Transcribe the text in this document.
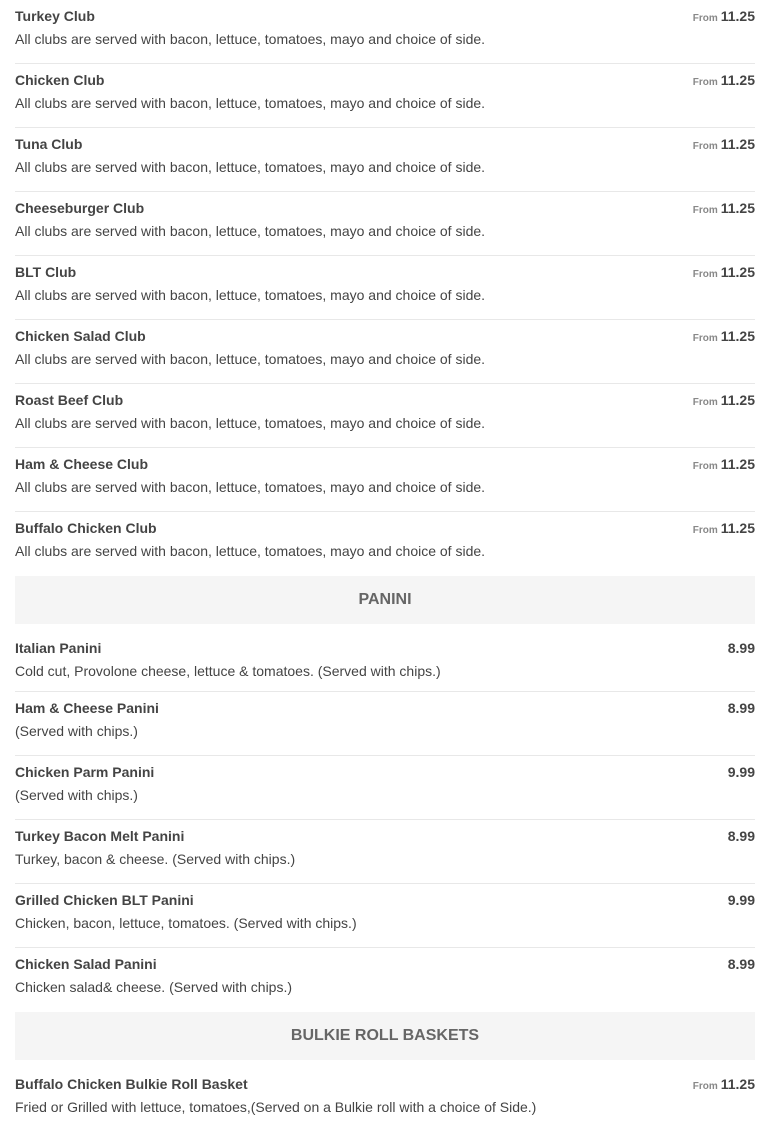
Turkey Club	From 11.25
All clubs are served with bacon, lettuce, tomatoes, mayo and choice of side.
Chicken Club	From 11.25
All clubs are served with bacon, lettuce, tomatoes, mayo and choice of side.
Tuna Club	From 11.25
All clubs are served with bacon, lettuce, tomatoes, mayo and choice of side.
Cheeseburger Club	From 11.25
All clubs are served with bacon, lettuce, tomatoes, mayo and choice of side.
BLT Club	From 11.25
All clubs are served with bacon, lettuce, tomatoes, mayo and choice of side.
Chicken Salad Club	From 11.25
All clubs are served with bacon, lettuce, tomatoes, mayo and choice of side.
Roast Beef Club	From 11.25
All clubs are served with bacon, lettuce, tomatoes, mayo and choice of side.
Ham & Cheese Club	From 11.25
All clubs are served with bacon, lettuce, tomatoes, mayo and choice of side.
Buffalo Chicken Club	From 11.25
All clubs are served with bacon, lettuce, tomatoes, mayo and choice of side.
PANINI
Italian Panini	8.99
Cold cut, Provolone cheese, lettuce & tomatoes. (Served with chips.)
Ham & Cheese Panini	8.99
(Served with chips.)
Chicken Parm Panini	9.99
(Served with chips.)
Turkey Bacon Melt Panini	8.99
Turkey, bacon & cheese. (Served with chips.)
Grilled Chicken BLT Panini	9.99
Chicken, bacon, lettuce, tomatoes. (Served with chips.)
Chicken Salad Panini	8.99
Chicken salad& cheese. (Served with chips.)
BULKIE ROLL BASKETS
Buffalo Chicken Bulkie Roll Basket	From 11.25
Fried or Grilled with lettuce, tomatoes,(Served on a Bulkie roll with a choice of Side.)
